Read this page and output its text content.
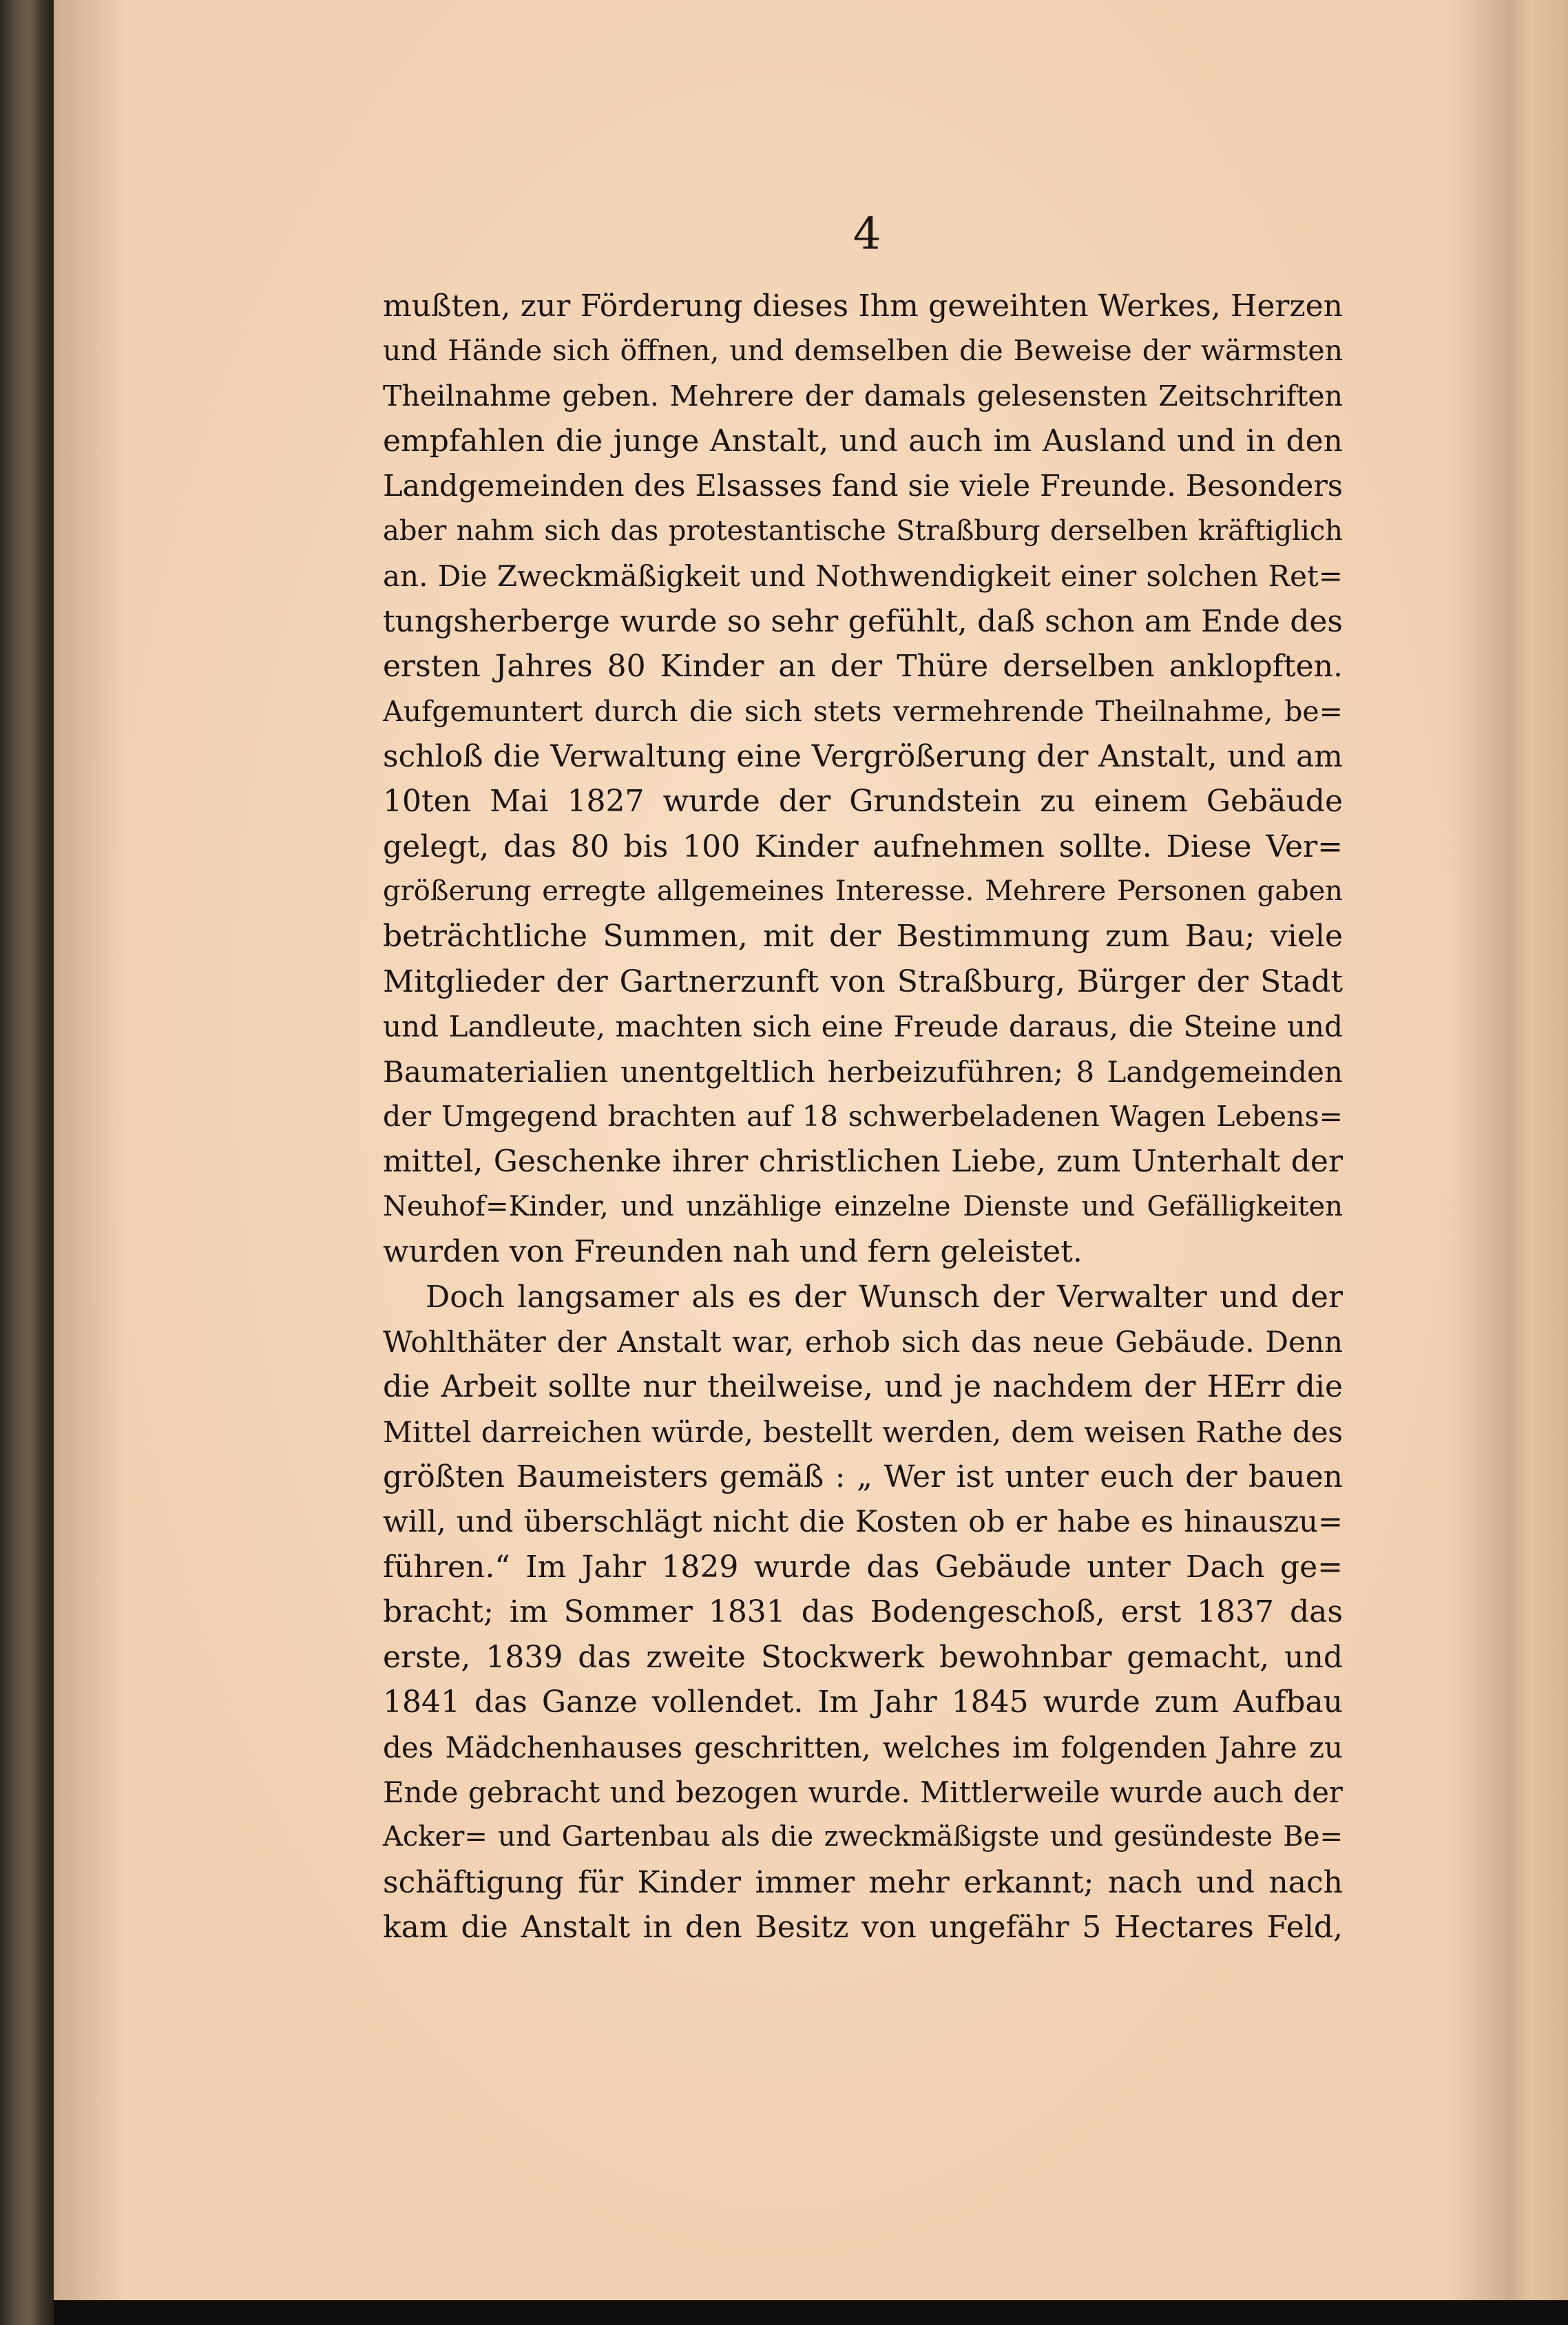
4
mußten, zur Förderung dieses Ihm geweihten Werkes, Herzen
und Hände sich öffnen, und demselben die Beweise der wärmsten
Theilnahme geben. Mehrere der damals gelesensten Zeitschriften
empfahlen die junge Anstalt, und auch im Ausland und in den
Landgemeinden des Elsasses fand sie viele Freunde. Besonders
aber nahm sich das protestantische Straßburg derselben kräftiglich
an. Die Zweckmäßigkeit und Nothwendigkeit einer solchen Ret=
tungsherberge wurde so sehr gefühlt, daß schon am Ende des
ersten Jahres 80 Kinder an der Thüre derselben anklopften.
Aufgemuntert durch die sich stets vermehrende Theilnahme, be=
schloß die Verwaltung eine Vergrößerung der Anstalt, und am
10ten Mai 1827 wurde der Grundstein zu einem Gebäude
gelegt, das 80 bis 100 Kinder aufnehmen sollte. Diese Ver=
größerung erregte allgemeines Interesse. Mehrere Personen gaben
beträchtliche Summen, mit der Bestimmung zum Bau; viele
Mitglieder der Gartnerzunft von Straßburg, Bürger der Stadt
und Landleute, machten sich eine Freude daraus, die Steine und
Baumaterialien unentgeltlich herbeizuführen; 8 Landgemeinden
der Umgegend brachten auf 18 schwerbeladenen Wagen Lebens=
mittel, Geschenke ihrer christlichen Liebe, zum Unterhalt der
Neuhof=Kinder, und unzählige einzelne Dienste und Gefälligkeiten
wurden von Freunden nah und fern geleistet.
Doch langsamer als es der Wunsch der Verwalter und der
Wohlthäter der Anstalt war, erhob sich das neue Gebäude. Denn
die Arbeit sollte nur theilweise, und je nachdem der HErr die
Mittel darreichen würde, bestellt werden, dem weisen Rathe des
größten Baumeisters gemäß : „ Wer ist unter euch der bauen
will, und überschlägt nicht die Kosten ob er habe es hinauszu=
führen.“ Im Jahr 1829 wurde das Gebäude unter Dach ge=
bracht; im Sommer 1831 das Bodengeschoß, erst 1837 das
erste, 1839 das zweite Stockwerk bewohnbar gemacht, und
1841 das Ganze vollendet. Im Jahr 1845 wurde zum Aufbau
des Mädchenhauses geschritten, welches im folgenden Jahre zu
Ende gebracht und bezogen wurde. Mittlerweile wurde auch der
Acker= und Gartenbau als die zweckmäßigste und gesündeste Be=
schäftigung für Kinder immer mehr erkannt; nach und nach
kam die Anstalt in den Besitz von ungefähr 5 Hectares Feld,
